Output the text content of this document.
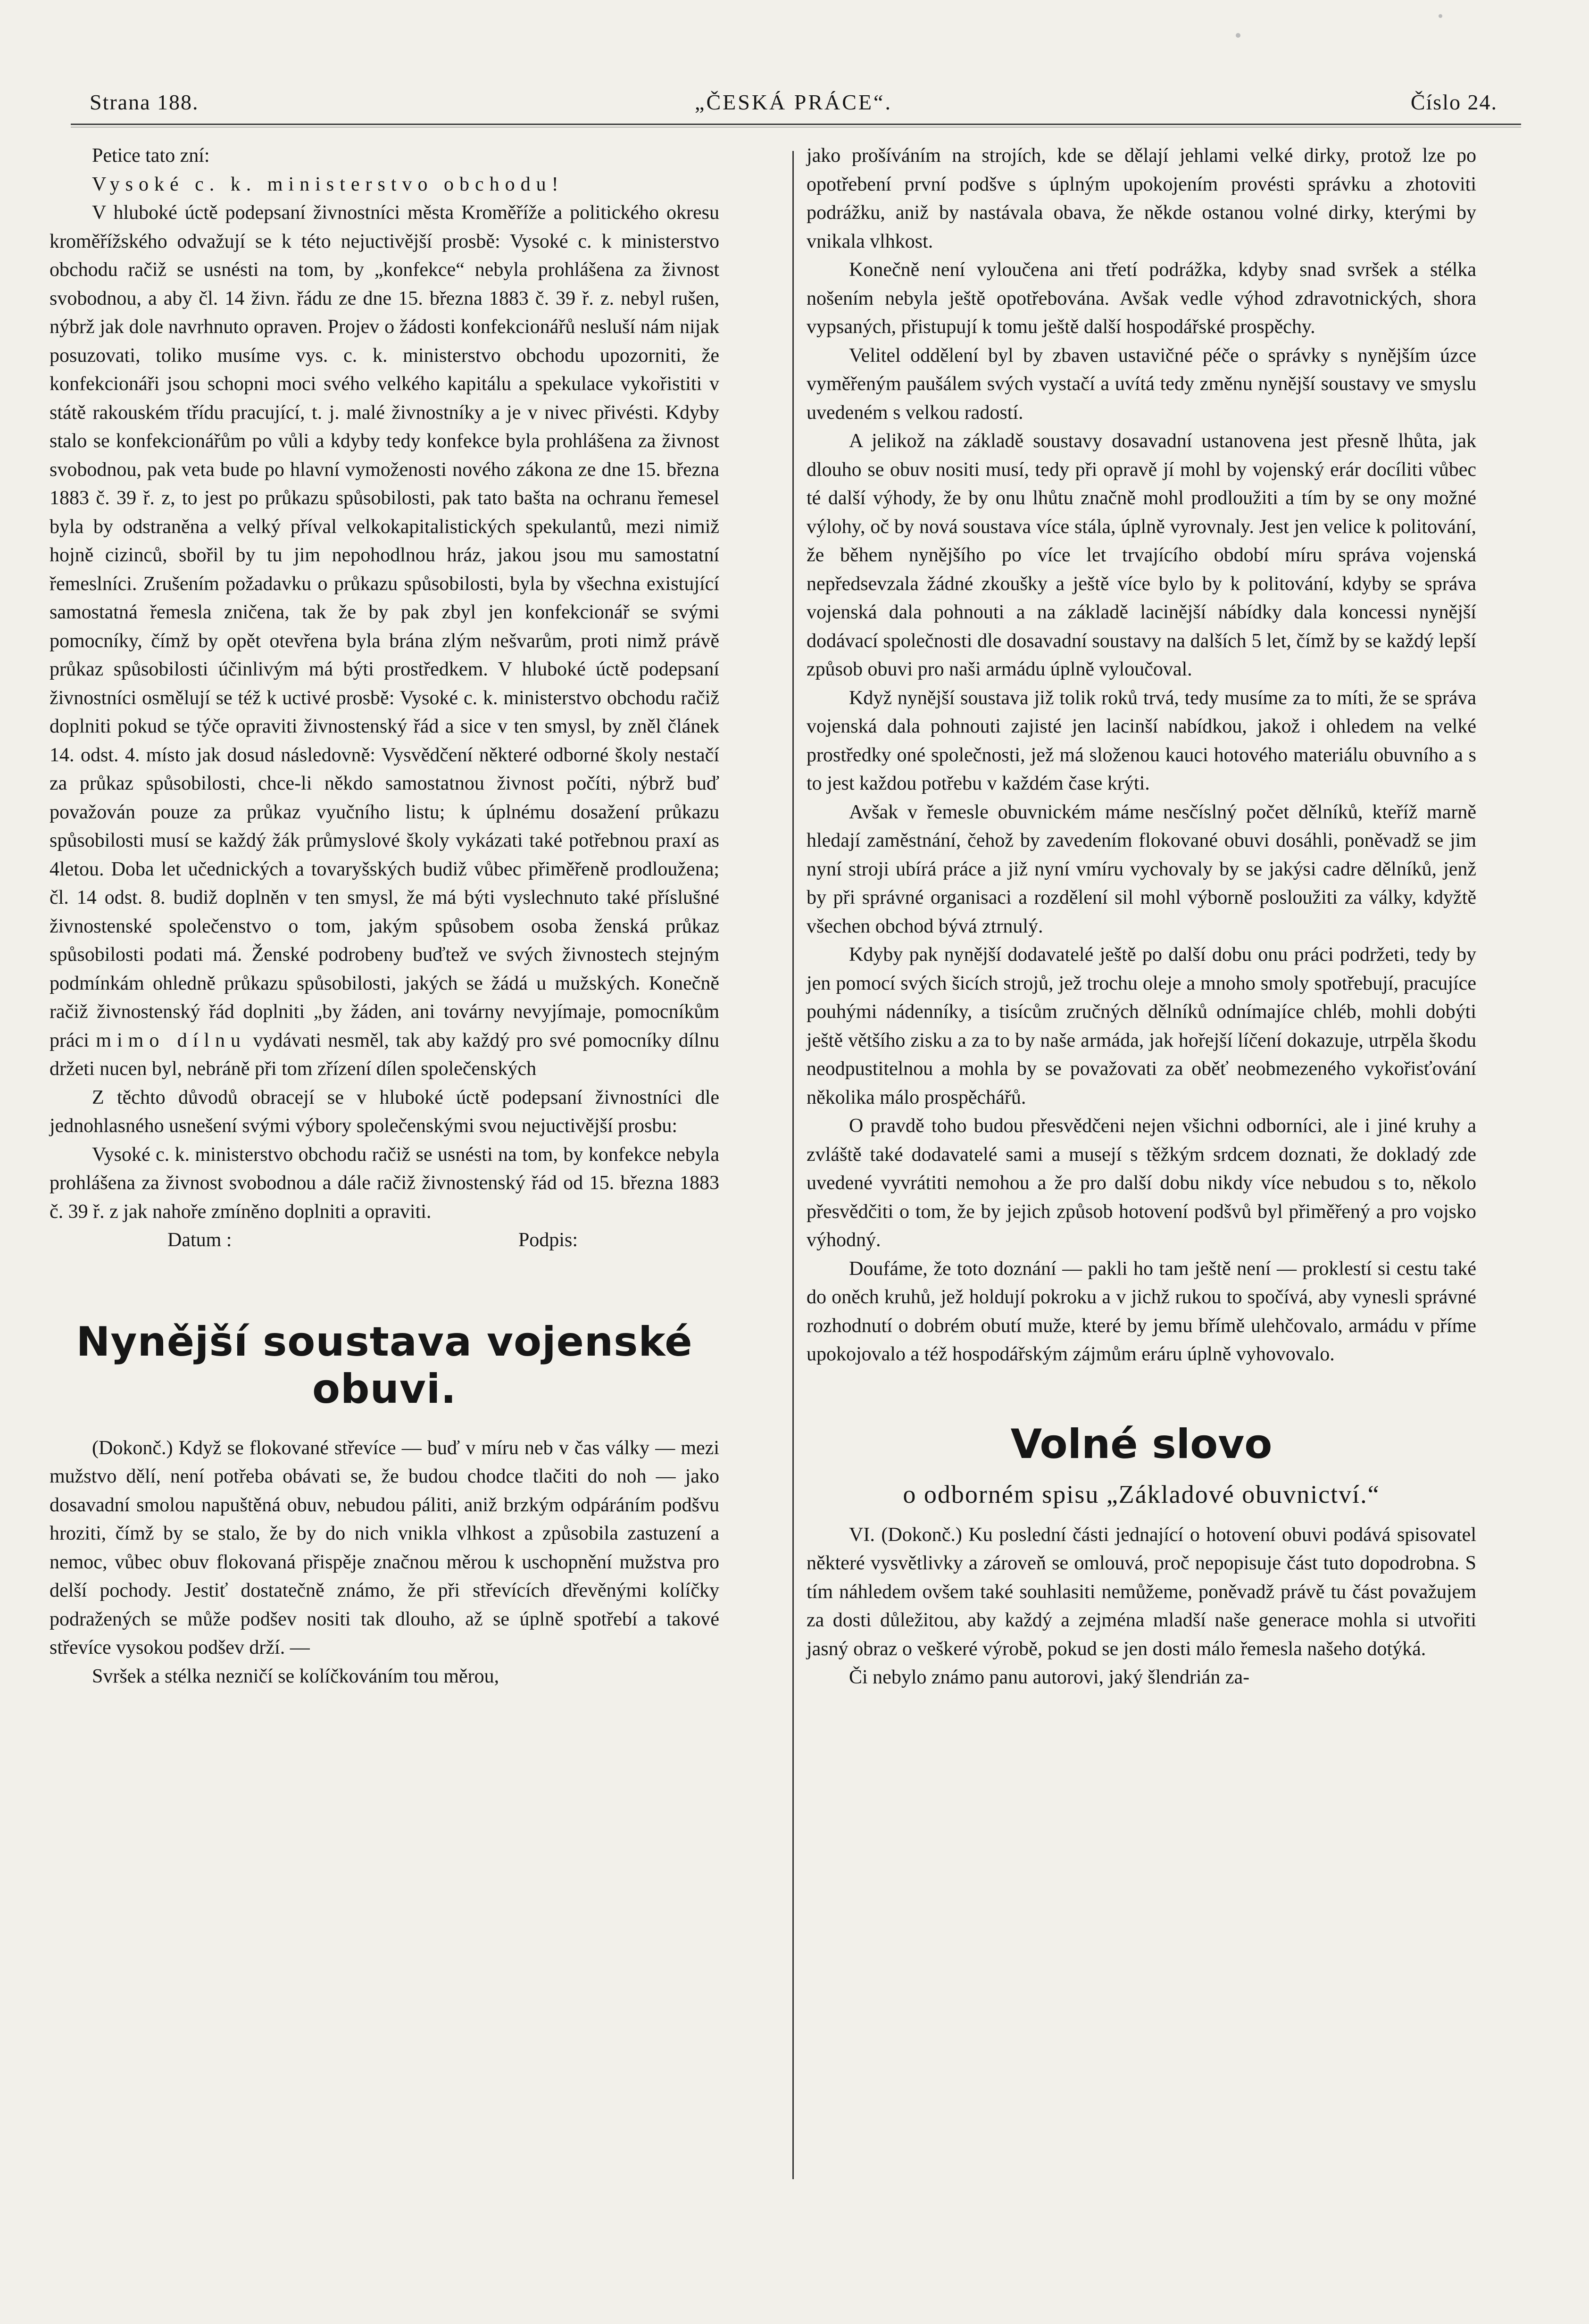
Strana 188.	„ČESKÁ PRÁCE“.	Číslo 24.

Petice tato zní:

Vysoké c. k. ministerstvo obchodu!

V hluboké úctě podepsaní živnostníci města Kroměříže a politického okresu kroměřížského odvažují se k této nejuctivější prosbě: Vysoké c. k ministerstvo obchodu račiž se usnésti na tom, by „konfekce“ nebyla prohlášena za živnost svobodnou, a aby čl. 14 živn. řádu ze dne 15. března 1883 č. 39 ř. z. nebyl rušen, nýbrž jak dole navrhnuto opraven. Projev o žádosti konfekcionářů nesluší nám nijak posuzovati, toliko musíme vys. c. k. ministerstvo obchodu upozorniti, že konfekcionáři jsou schopni moci svého velkého kapitálu a spekulace vykořistiti v státě rakouském třídu pracující, t. j. malé živnostníky a je v nivec přivésti. Kdyby stalo se konfekcionářům po vůli a kdyby tedy konfekce byla prohlášena za živnost svobodnou, pak veta bude po hlavní vymoženosti nového zákona ze dne 15. března 1883 č. 39 ř. z, to jest po průkazu spůsobilosti, pak tato bašta na ochranu řemesel byla by odstraněna a velký příval velkokapitalistických spekulantů, mezi nimiž hojně cizinců, sbořil by tu jim nepohodlnou hráz, jakou jsou mu samostatní řemeslníci. Zrušením požadavku o průkazu spůsobilosti, byla by všechna existující samostatná řemesla zničena, tak že by pak zbyl jen konfekcionář se svými pomocníky, čímž by opět otevřena byla brána zlým nešvarům, proti nimž právě průkaz spůsobilosti účinlivým má býti prostředkem. V hluboké úctě podepsaní živnostníci osmělují se též k uctivé prosbě: Vysoké c. k. ministerstvo obchodu račiž doplniti pokud se týče opraviti živnostenský řád a sice v ten smysl, by zněl článek 14. odst. 4. místo jak dosud následovně: Vysvědčení některé odborné školy nestačí za průkaz spůsobilosti, chce-li někdo samostatnou živnost počíti, nýbrž buď považován pouze za průkaz vyučního listu; k úplnému dosažení průkazu spůsobilosti musí se každý žák průmyslové školy vykázati také potřebnou praxí as 4letou. Doba let učednických a tovaryšských budiž vůbec přiměřeně prodloužena; čl. 14 odst. 8. budiž doplněn v ten smysl, že má býti vyslechnuto také příslušné živnostenské společenstvo o tom, jakým spůsobem osoba ženská průkaz spůsobilosti podati má. Ženské podrobeny buďtež ve svých živnostech stejným podmínkám ohledně průkazu spůsobilosti, jakých se žádá u mužských. Konečně račiž živnostenský řád doplniti „by žáden, ani továrny nevyjímaje, pomocníkům práci mimo dílnu vydávati nesměl, tak aby každý pro své pomocníky dílnu držeti nucen byl, nebráně při tom zřízení dílen společenských

Z těchto důvodů obracejí se v hluboké úctě podepsaní živnostníci dle jednohlasného usnešení svými výbory společenskými svou nejuctivější prosbu:

Vysoké c. k. ministerstvo obchodu račiž se usnésti na tom, by konfekce nebyla prohlášena za živnost svobodnou a dále račiž živnostenský řád od 15. března 1883 č. 39 ř. z jak nahoře zmíněno doplniti a opraviti.

Datum :	Podpis:
Nynější soustava vojenské obuvi.

(Dokonč.) Když se flokované střevíce — buď v míru neb v čas války — mezi mužstvo dělí, není potřeba obávati se, že budou chodce tlačiti do noh — jako dosavadní smolou napuštěná obuv, nebudou páliti, aniž brzkým odpáráním podšvu hroziti, čímž by se stalo, že by do nich vnikla vlhkost a způsobila zastuzení a nemoc, vůbec obuv flokovaná přispěje značnou měrou k uschopnění mužstva pro delší pochody. Jestiť dostatečně známo, že při střevících dřevěnými kolíčky podražených se může podšev nositi tak dlouho, až se úplně spotřebí a takové střevíce vysokou podšev drží. —

Svršek a stélka nezničí se kolíčkováním tou měrou,

jako prošíváním na strojích, kde se dělají jehlami velké dirky, protož lze po opotřebení první podšve s úplným upokojením provésti správku a zhotoviti podrážku, aniž by nastávala obava, že někde ostanou volné dirky, kterými by vnikala vlhkost.

Konečně není vyloučena ani třetí podrážka, kdyby snad svršek a stélka nošením nebyla ještě opotřebována. Avšak vedle výhod zdravotnických, shora vypsaných, přistupují k tomu ještě další hospodářské prospěchy.

Velitel oddělení byl by zbaven ustavičné péče o správky s nynějším úzce vyměřeným paušálem svých vystačí a uvítá tedy změnu nynější soustavy ve smyslu uvedeném s velkou radostí.

A jelikož na základě soustavy dosavadní ustanovena jest přesně lhůta, jak dlouho se obuv nositi musí, tedy při opravě jí mohl by vojenský erár docíliti vůbec té další výhody, že by onu lhůtu značně mohl prodloužiti a tím by se ony možné výlohy, oč by nová soustava více stála, úplně vyrovnaly. Jest jen velice k politování, že během nynějšího po více let trvajícího období míru správa vojenská nepředsevzala žádné zkoušky a ještě více bylo by k politování, kdyby se správa vojenská dala pohnouti a na základě lacinější nábídky dala koncessi nynější dodávací společnosti dle dosavadní soustavy na dalších 5 let, čímž by se každý lepší způsob obuvi pro naši armádu úplně vyloučoval.

Když nynější soustava již tolik roků trvá, tedy musíme za to míti, že se správa vojenská dala pohnouti zajisté jen lacinší nabídkou, jakož i ohledem na velké prostředky oné společnosti, jež má složenou kauci hotového materiálu obuvního a s to jest každou potřebu v každém čase krýti.

Avšak v řemesle obuvnickém máme nesčíslný počet dělníků, kteříž marně hledají zaměstnání, čehož by zavedením flokované obuvi dosáhli, poněvadž se jim nyní stroji ubírá práce a již nyní vmíru vychovaly by se jakýsi cadre dělníků, jenž by při správné organisaci a rozdělení sil mohl výborně posloužiti za války, kdyžtě všechen obchod bývá ztrnulý.

Kdyby pak nynější dodavatelé ještě po další dobu onu práci podržeti, tedy by jen pomocí svých šicích strojů, jež trochu oleje a mnoho smoly spotřebují, pracujíce pouhými nádenníky, a tisícům zručných dělníků odnímajíce chléb, mohli dobýti ještě většího zisku a za to by naše armáda, jak hořejší líčení dokazuje, utrpěla škodu neodpustitelnou a mohla by se považovati za oběť neobmezeného vykořisťování několika málo prospěchářů.

O pravdě toho budou přesvědčeni nejen všichni odborníci, ale i jiné kruhy a zvláště také dodavatelé sami a musejí s těžkým srdcem doznati, že dokladý zde uvedené vyvrátiti nemohou a že pro další dobu nikdy více nebudou s to, několo přesvědčiti o tom, že by jejich způsob hotovení podšvů byl přiměřený a pro vojsko výhodný.

Doufáme, že toto doznání — pakli ho tam ještě není — proklestí si cestu také do oněch kruhů, jež holdují pokroku a v jichž rukou to spočívá, aby vynesli správné rozhodnutí o dobrém obutí muže, které by jemu břímě ulehčovalo, armádu v příme upokojovalo a též hospodářským zájmům eráru úplně vyhovovalo.

Volné slovo
o odborném spisu „Základové obuvnictví.“

VI. (Dokonč.) Ku poslední části jednající o hotovení obuvi podává spisovatel některé vysvětlivky a zároveň se omlouvá, proč nepopisuje část tuto dopodrobna. S tím náhledem ovšem také souhlasiti nemůžeme, poněvadž právě tu část považujem za dosti důležitou, aby každý a zejména mladší naše generace mohla si utvořiti jasný obraz o veškeré výrobě, pokud se jen dosti málo řemesla našeho dotýká.

Či nebylo známo panu autorovi, jaký šlendrián za-
